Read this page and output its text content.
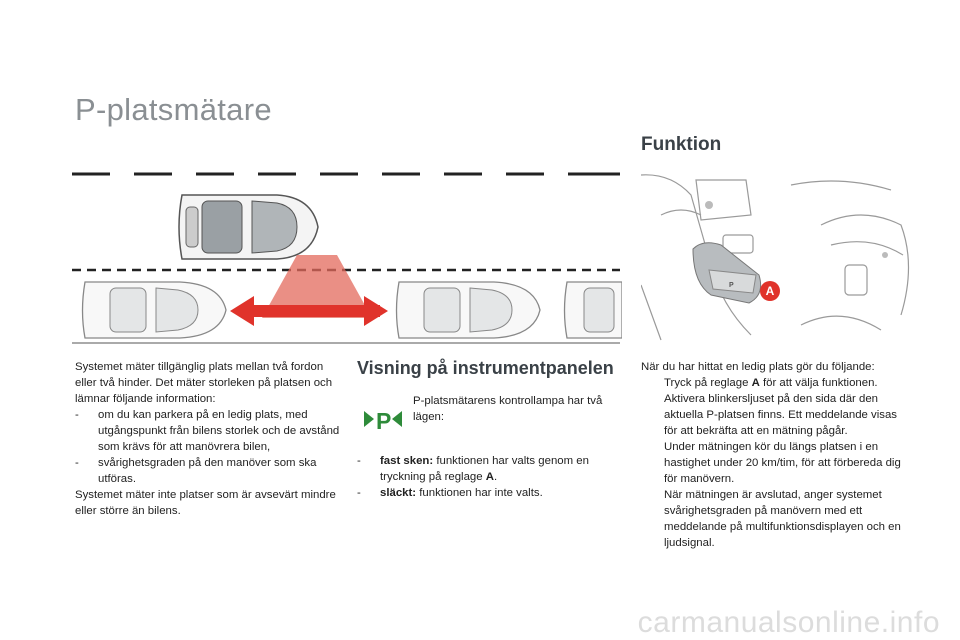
P-platsmätare
Funktion
P	A
Systemet mäter tillgänglig plats mellan två fordon eller två hinder. Det mäter storleken på platsen och lämnar följande information:
-	om du kan parkera på en ledig plats, med utgångspunkt från bilens storlek och de avstånd som krävs för att manövrera bilen,
-	svårighetsgraden på den manöver som ska utföras.
Systemet mäter inte platser som är avsevärt mindre eller större än bilens.
Visning på instrumentpanelen
P
P-platsmätarens kontrollampa har två lägen:
-	fast sken: funktionen har valts genom en tryckning på reglage A.
-	släckt: funktionen har inte valts.
När du har hittat en ledig plats gör du följande:
Tryck på reglage A för att välja funktionen.
Aktivera blinkersljuset på den sida där den aktuella P-platsen finns. Ett meddelande visas för att bekräfta att en mätning pågår.
Under mätningen kör du längs platsen i en hastighet under 20 km/tim, för att förbereda dig för manövern.
När mätningen är avslutad, anger systemet svårighetsgraden på manövern med ett meddelande på multifunktionsdisplayen och en ljudsignal.
carmanualsonline.info
